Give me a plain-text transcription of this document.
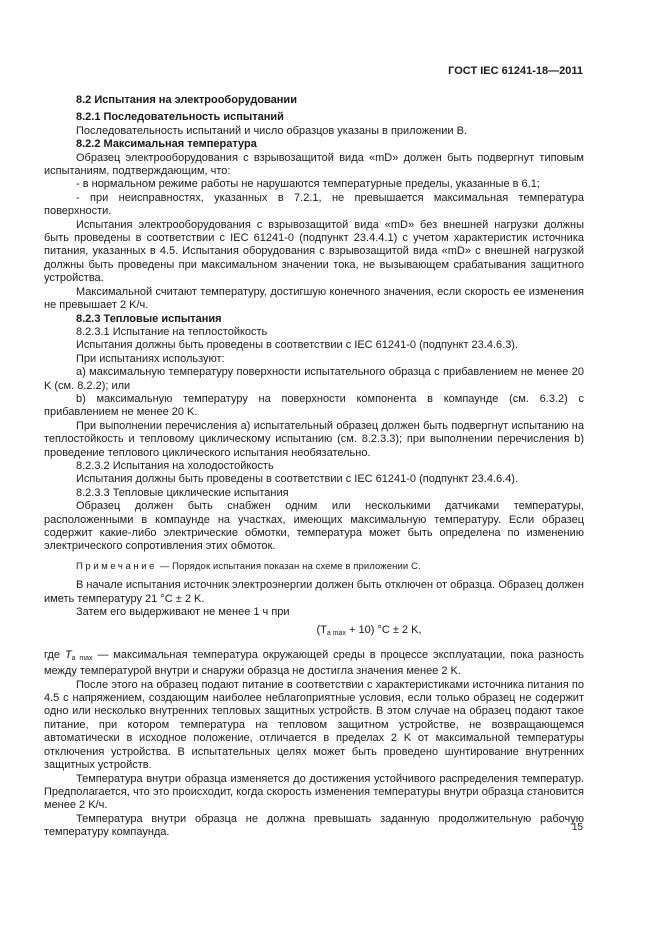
ГОСТ IEC 61241-18—2011
8.2 Испытания на электрооборудовании
8.2.1 Последовательность испытаний
Последовательность испытаний и число образцов указаны в приложении В.
8.2.2 Максимальная температура
Образец электрооборудования с взрывозащитой вида «mD» должен быть подвергнут типовым испытаниям, подтверждающим, что:
- в нормальном режиме работы не нарушаются температурные пределы, указанные в 6.1;
- при неисправностях, указанных в 7.2.1, не превышается максимальная температура поверхности.
Испытания электрооборудования с взрывозащитой вида «mD» без внешней нагрузки должны быть проведены в соответствии с IEC 61241-0 (подпункт 23.4.4.1) с учетом характеристик источника питания, указанных в 4.5. Испытания оборудования с взрывозащитой вида «mD» с внешней нагрузкой должны быть проведены при максимальном значении тока, не вызывающем срабатывания защитного устройства.
Максимальной считают температуру, достигшую конечного значения, если скорость ее изменения не превышает 2 K/ч.
8.2.3 Тепловые испытания
8.2.3.1 Испытание на теплостойкость
Испытания должны быть проведены в соответствии с IEC 61241-0 (подпункт 23.4.6.3).
При испытаниях используют:
a) максимальную температуру поверхности испытательного образца с прибавлением не менее 20 K (см. 8.2.2); или
b) максимальную температуру на поверхности компонента в компаунде (см. 6.3.2) с прибавлением не менее 20 K.
При выполнении перечисления а) испытательный образец должен быть подвергнут испытанию на теплостойкость и тепловому циклическому испытанию (см. 8.2.3.3); при выполнении перечисления b) проведение теплового циклического испытания необязательно.
8.2.3.2 Испытания на холодостойкость
Испытания должны быть проведены в соответствии с IEC 61241-0 (подпункт 23.4.6.4).
8.2.3.3 Тепловые циклические испытания
Образец должен быть снабжен одним или несколькими датчиками температуры, расположенными в компаунде на участках, имеющих максимальную температуру. Если образец содержит какие-либо электрические обмотки, температура может быть определена по изменению электрического сопротивления этих обмоток.
Примечание — Порядок испытания показан на схеме в приложении С.
В начале испытания источник электроэнергии должен быть отключен от образца. Образец должен иметь температуру 21 °C ± 2 K.
Затем его выдерживают не менее 1 ч при
$(T_{a max} + 10) ^\circ C \pm 2$ K,
где $T_{a max}$ — максимальная температура окружающей среды в процессе эксплуатации, пока разность между температурой внутри и снаружи образца не достигла значения менее 2 K.
После этого на образец подают питание в соответствии с характеристиками источника питания по 4.5 с напряжением, создающим наиболее неблагоприятные условия, если только образец не содержит одно или несколько внутренних тепловых защитных устройств. В этом случае на образец подают такое питание, при котором температура на тепловом защитном устройстве, не возвращающемся автоматически в исходное положение, отличается в пределах 2 K от максимальной температуры отключения устройства. В испытательных целях может быть проведено шунтирование внутренних защитных устройств.
Температура внутри образца изменяется до достижения устойчивого распределения температур. Предполагается, что это происходит, когда скорость изменения температуры внутри образца становится менее 2 K/ч.
Температура внутри образца не должна превышать заданную продолжительную рабочую температуру компаунда.	15
